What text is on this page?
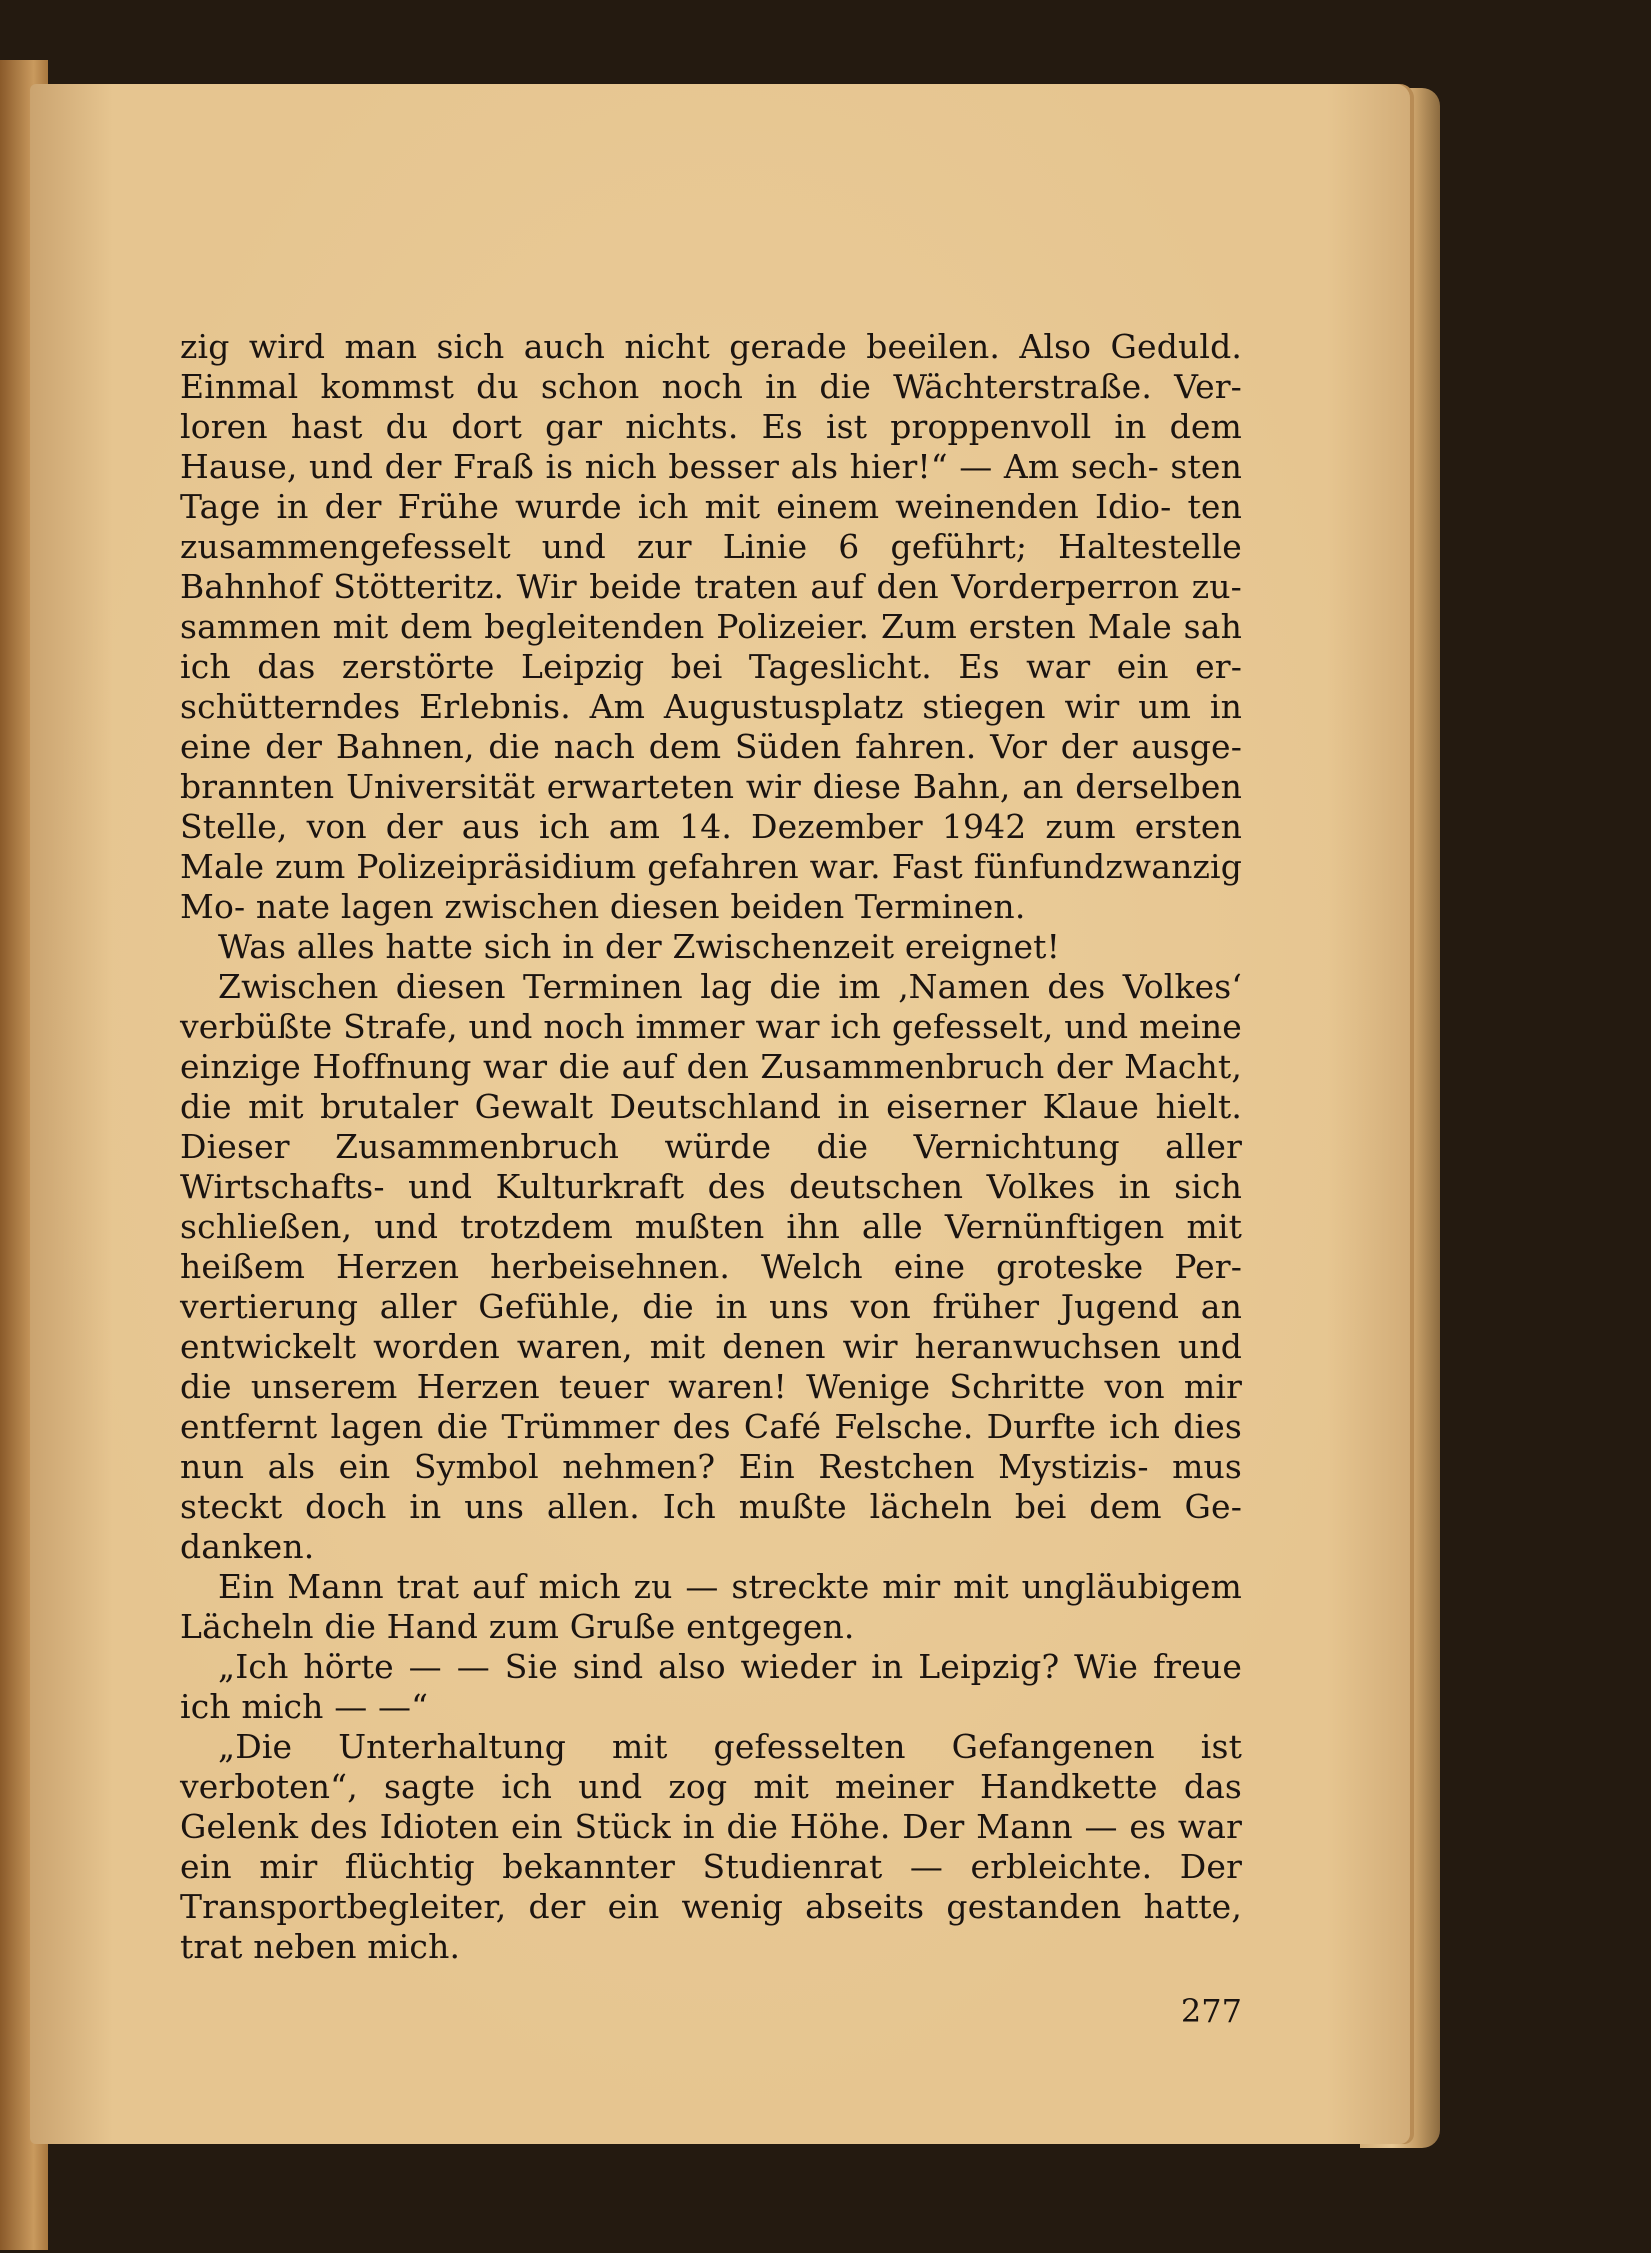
zig wird man sich auch nicht gerade beeilen. Also Geduld. Einmal kommst du schon noch in die Wächterstraße. Ver- loren hast du dort gar nichts. Es ist proppenvoll in dem Hause, und der Fraß is nich besser als hier!“ — Am sech- sten Tage in der Frühe wurde ich mit einem weinenden Idio- ten zusammengefesselt und zur Linie 6 geführt; Haltestelle Bahnhof Stötteritz. Wir beide traten auf den Vorderperron zu- sammen mit dem begleitenden Polizeier. Zum ersten Male sah ich das zerstörte Leipzig bei Tageslicht. Es war ein er- schütterndes Erlebnis. Am Augustusplatz stiegen wir um in eine der Bahnen, die nach dem Süden fahren. Vor der ausge- brannten Universität erwarteten wir diese Bahn, an derselben Stelle, von der aus ich am 14. Dezember 1942 zum ersten Male zum Polizeipräsidium gefahren war. Fast fünfundzwanzig Mo- nate lagen zwischen diesen beiden Terminen.

Was alles hatte sich in der Zwischenzeit ereignet!

Zwischen diesen Terminen lag die im ‚Namen des Volkes‘ verbüßte Strafe, und noch immer war ich gefesselt, und meine einzige Hoffnung war die auf den Zusammenbruch der Macht, die mit brutaler Gewalt Deutschland in eiserner Klaue hielt. Dieser Zusammenbruch würde die Vernichtung aller Wirtschafts- und Kulturkraft des deutschen Volkes in sich schließen, und trotzdem mußten ihn alle Vernünftigen mit heißem Herzen herbeisehnen. Welch eine groteske Per- vertierung aller Gefühle, die in uns von früher Jugend an entwickelt worden waren, mit denen wir heranwuchsen und die unserem Herzen teuer waren! Wenige Schritte von mir entfernt lagen die Trümmer des Café Felsche. Durfte ich dies nun als ein Symbol nehmen? Ein Restchen Mystizis- mus steckt doch in uns allen. Ich mußte lächeln bei dem Ge- danken.

Ein Mann trat auf mich zu — streckte mir mit ungläubigem Lächeln die Hand zum Gruße entgegen.

„Ich hörte — — Sie sind also wieder in Leipzig? Wie freue ich mich — —“

„Die Unterhaltung mit gefesselten Gefangenen ist verboten“, sagte ich und zog mit meiner Handkette das Gelenk des Idioten ein Stück in die Höhe. Der Mann — es war ein mir flüchtig bekannter Studienrat — erbleichte. Der Transportbegleiter, der ein wenig abseits gestanden hatte, trat neben mich.

277
